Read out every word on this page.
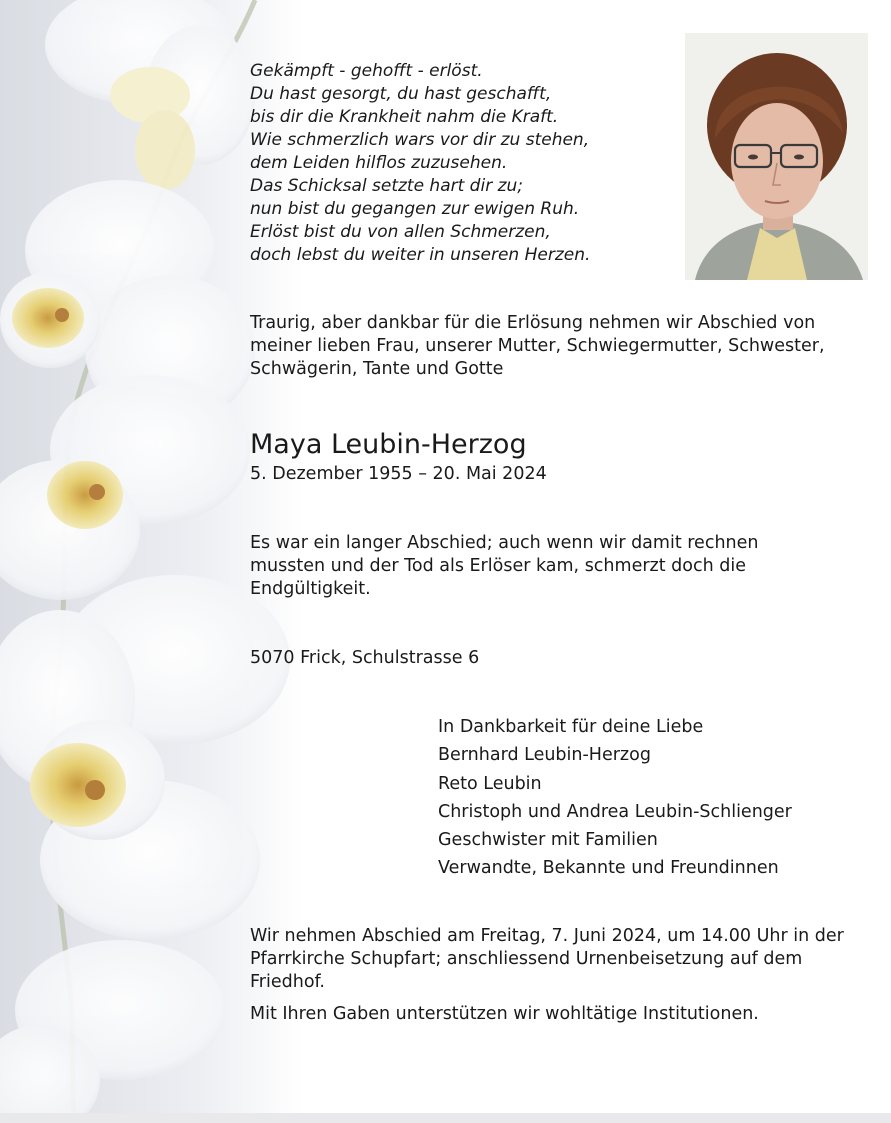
Gekämpft - gehofft - erlöst.
Du hast gesorgt, du hast geschafft,
bis dir die Krankheit nahm die Kraft.
Wie schmerzlich wars vor dir zu stehen,
dem Leiden hilflos zuzusehen.
Das Schicksal setzte hart dir zu;
nun bist du gegangen zur ewigen Ruh.
Erlöst bist du von allen Schmerzen,
doch lebst du weiter in unseren Herzen.
Traurig, aber dankbar für die Erlösung nehmen wir Abschied von meiner lieben Frau, unserer Mutter, Schwiegermutter, Schwester, Schwägerin, Tante und Gotte
Maya Leubin-Herzog
5. Dezember 1955 – 20. Mai 2024
Es war ein langer Abschied; auch wenn wir damit rechnen mussten und der Tod als Erlöser kam, schmerzt doch die Endgültigkeit.
5070 Frick, Schulstrasse 6
In Dankbarkeit für deine Liebe
Bernhard Leubin-Herzog
Reto Leubin
Christoph und Andrea Leubin-Schlienger
Geschwister mit Familien
Verwandte, Bekannte und Freundinnen
Wir nehmen Abschied am Freitag, 7. Juni 2024, um 14.00 Uhr in der Pfarrkirche Schupfart; anschliessend Urnenbeisetzung auf dem Friedhof.
Mit Ihren Gaben unterstützen wir wohltätige Institutionen.
